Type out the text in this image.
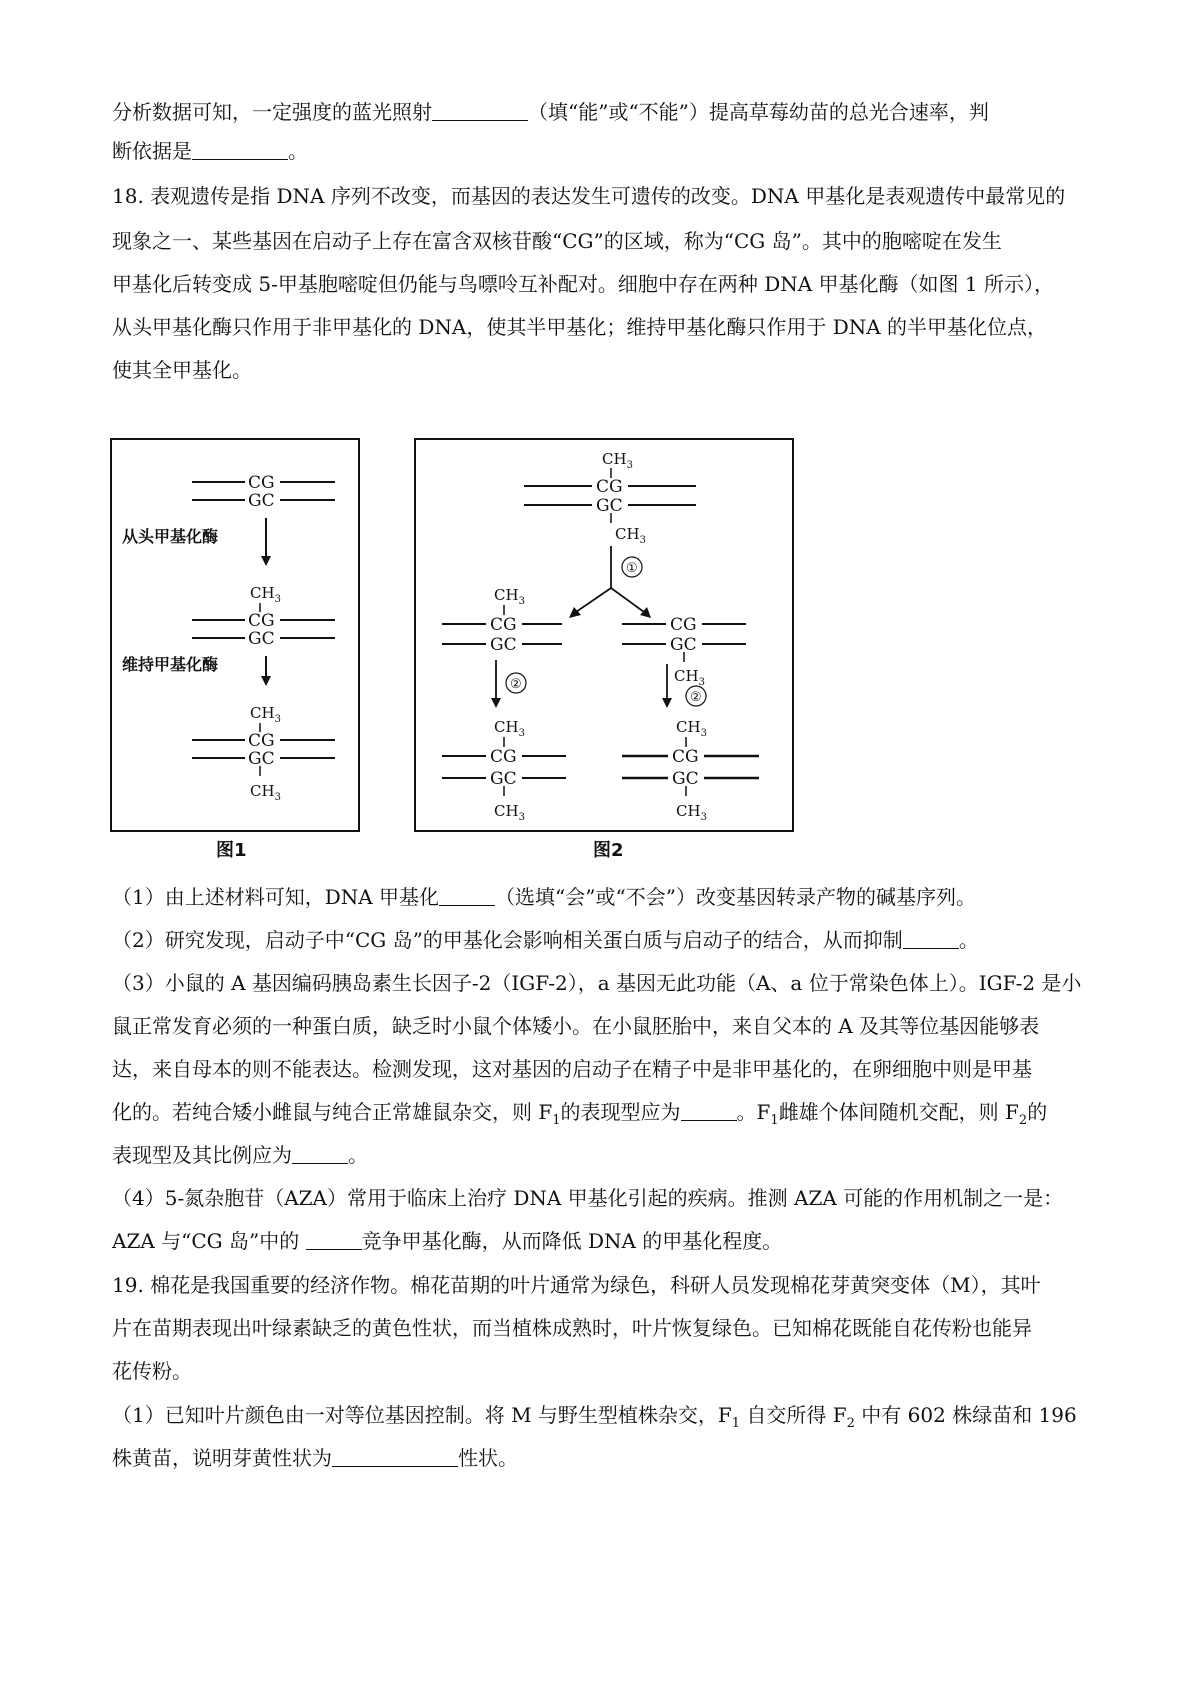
分析数据可知，一定强度的蓝光照射	（填“能”或“不能”）提高草莓幼苗的总光合速率，判
断依据是	。
18. 表观遗传是指 DNA 序列不改变，而基因的表达发生可遗传的改变。DNA 甲基化是表观遗传中最常见的
现象之一、某些基因在启动子上存在富含双核苷酸“CG”的区域，称为“CG 岛”。其中的胞嘧啶在发生
甲基化后转变成 5-甲基胞嘧啶但仍能与鸟嘌呤互补配对。细胞中存在两种 DNA 甲基化酶（如图 1 所示），
从头甲基化酶只作用于非甲基化的 DNA，使其半甲基化；维持甲基化酶只作用于 DNA 的半甲基化位点，
使其全甲基化。
CG
GC
从头甲基化酶
$CH_3$
CG
GC
维持甲基化酶
$CH_3$
CG
GC
$CH_3$
图1
$CH_3$
CG
GC
$CH_3$
①
$CH_3$
CG
GC
CG
GC
$CH_3$
②
②
$CH_3$
CG
GC
$CH_3$
$CH_3$
CG
GC
$CH_3$
图2
（1）由上述材料可知，DNA 甲基化	（选填“会”或“不会”）改变基因转录产物的碱基序列。
（2）研究发现，启动子中“CG 岛”的甲基化会影响相关蛋白质与启动子的结合，从而抑制	。
（3）小鼠的 A 基因编码胰岛素生长因子-2（IGF-2），a 基因无此功能（A、a 位于常染色体上）。IGF-2 是小
鼠正常发育必须的一种蛋白质，缺乏时小鼠个体矮小。在小鼠胚胎中，来自父本的 A 及其等位基因能够表
达，来自母本的则不能表达。检测发现，这对基因的启动子在精子中是非甲基化的，在卵细胞中则是甲基
化的。若纯合矮小雌鼠与纯合正常雄鼠杂交，则 $F_1$的表现型应为	。$F_1$雌雄个体间随机交配，则 $F_2$的
表现型及其比例应为	。
（4）5-氮杂胞苷（AZA）常用于临床上治疗 DNA 甲基化引起的疾病。推测 AZA 可能的作用机制之一是：
AZA 与“CG 岛”中的	竞争甲基化酶，从而降低 DNA 的甲基化程度。
19. 棉花是我国重要的经济作物。棉花苗期的叶片通常为绿色，科研人员发现棉花芽黄突变体（M），其叶
片在苗期表现出叶绿素缺乏的黄色性状，而当植株成熟时，叶片恢复绿色。已知棉花既能自花传粉也能异
花传粉。
（1）已知叶片颜色由一对等位基因控制。将 M 与野生型植株杂交，$F_1$ 自交所得 $F_2$ 中有 602 株绿苗和 196
株黄苗，说明芽黄性状为	性状。
